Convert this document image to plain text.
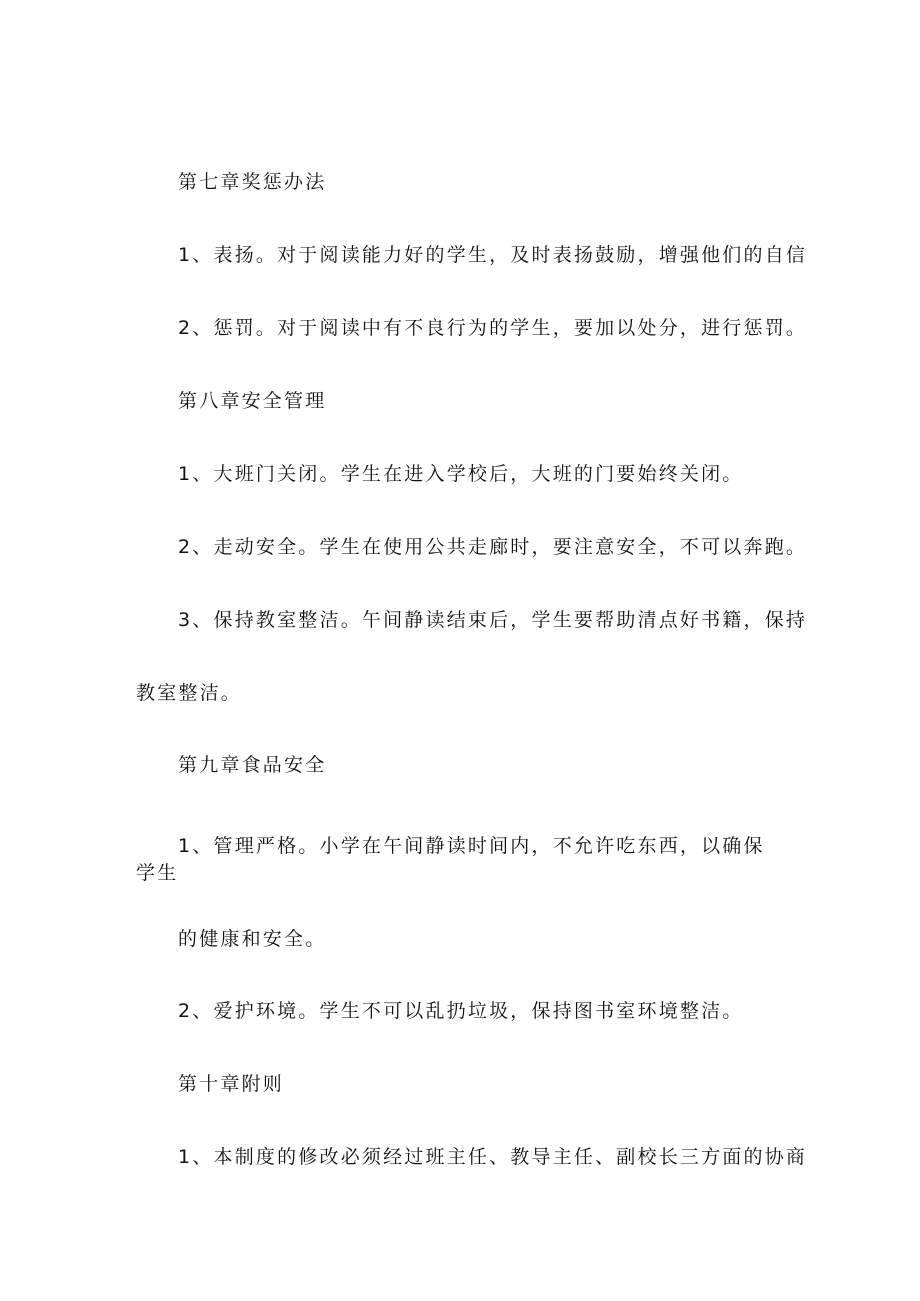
第七章奖惩办法
1、表扬。对于阅读能力好的学生，及时表扬鼓励，增强他们的自信
2、惩罚。对于阅读中有不良行为的学生，要加以处分，进行惩罚。
第八章安全管理
1、大班门关闭。学生在进入学校后，大班的门要始终关闭。
2、走动安全。学生在使用公共走廊时，要注意安全，不可以奔跑。
3、保持教室整洁。午间静读结束后，学生要帮助清点好书籍，保持
教室整洁。
第九章食品安全
1、管理严格。小学在午间静读时间内，不允许吃东西，以确保
学生
的健康和安全。
2、爱护环境。学生不可以乱扔垃圾，保持图书室环境整洁。
第十章附则
1、本制度的修改必须经过班主任、教导主任、副校长三方面的协商
